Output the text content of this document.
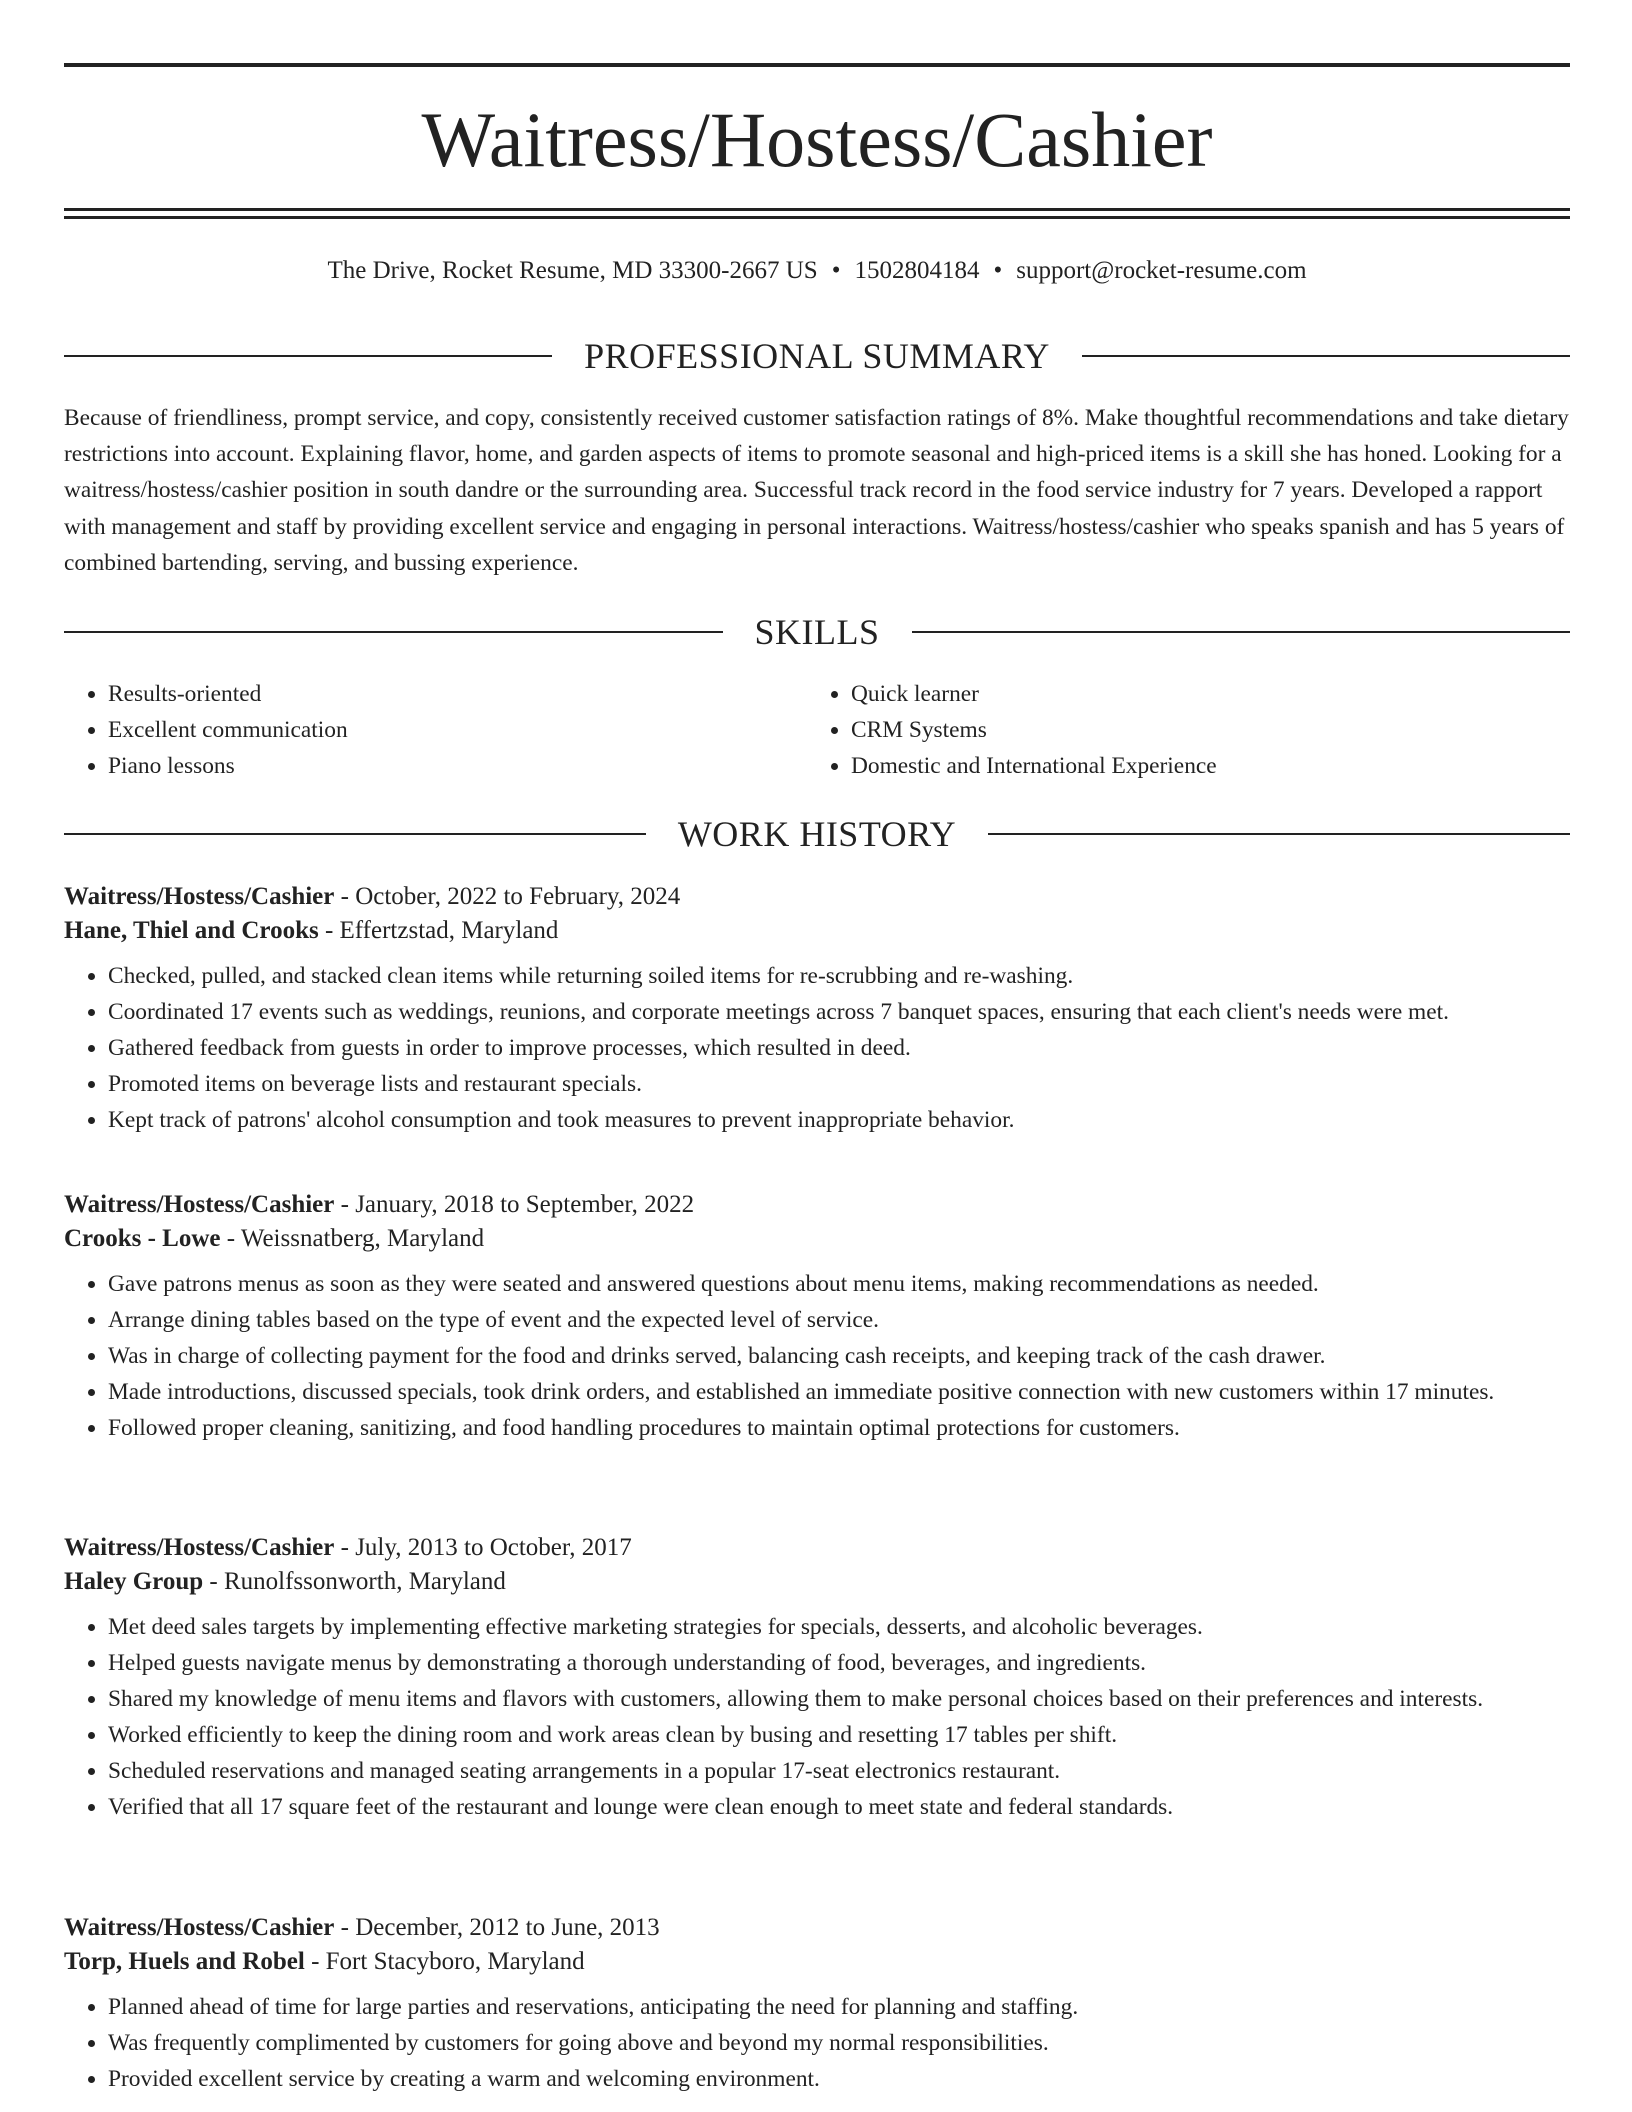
Waitress/Hostess/Cashier
The Drive, Rocket Resume, MD 33300-2667 US • 1502804184 • support@rocket-resume.com
PROFESSIONAL SUMMARY

Because of friendliness, prompt service, and copy, consistently received customer satisfaction ratings of 8%. Make thoughtful recommendations and take dietary restrictions into account. Explaining flavor, home, and garden aspects of items to promote seasonal and high-priced items is a skill she has honed. Looking for a waitress/hostess/cashier position in south dandre or the surrounding area. Successful track record in the food service industry for 7 years. Developed a rapport with management and staff by providing excellent service and engaging in personal interactions. Waitress/hostess/cashier who speaks spanish and has 5 years of combined bartending, serving, and bussing experience.

SKILLS
• Results-oriented
• Excellent communication
• Piano lessons
• Quick learner
• CRM Systems
• Domestic and International Experience
WORK HISTORY

Waitress/Hostess/Cashier - October, 2022 to February, 2024

Hane, Thiel and Crooks - Effertzstad, Maryland

• Checked, pulled, and stacked clean items while returning soiled items for re-scrubbing and re-washing.
• Coordinated 17 events such as weddings, reunions, and corporate meetings across 7 banquet spaces, ensuring that each client's needs were met.
• Gathered feedback from guests in order to improve processes, which resulted in deed.
• Promoted items on beverage lists and restaurant specials.
• Kept track of patrons' alcohol consumption and took measures to prevent inappropriate behavior.

Waitress/Hostess/Cashier - January, 2018 to September, 2022

Crooks - Lowe - Weissnatberg, Maryland

• Gave patrons menus as soon as they were seated and answered questions about menu items, making recommendations as needed.
• Arrange dining tables based on the type of event and the expected level of service.
• Was in charge of collecting payment for the food and drinks served, balancing cash receipts, and keeping track of the cash drawer.
• Made introductions, discussed specials, took drink orders, and established an immediate positive connection with new customers within 17 minutes.
• Followed proper cleaning, sanitizing, and food handling procedures to maintain optimal protections for customers.

Waitress/Hostess/Cashier - July, 2013 to October, 2017

Haley Group - Runolfssonworth, Maryland

• Met deed sales targets by implementing effective marketing strategies for specials, desserts, and alcoholic beverages.
• Helped guests navigate menus by demonstrating a thorough understanding of food, beverages, and ingredients.
• Shared my knowledge of menu items and flavors with customers, allowing them to make personal choices based on their preferences and interests.
• Worked efficiently to keep the dining room and work areas clean by busing and resetting 17 tables per shift.
• Scheduled reservations and managed seating arrangements in a popular 17-seat electronics restaurant.
• Verified that all 17 square feet of the restaurant and lounge were clean enough to meet state and federal standards.

Waitress/Hostess/Cashier - December, 2012 to June, 2013

Torp, Huels and Robel - Fort Stacyboro, Maryland

• Planned ahead of time for large parties and reservations, anticipating the need for planning and staffing.
• Was frequently complimented by customers for going above and beyond my normal responsibilities.
• Provided excellent service by creating a warm and welcoming environment.
